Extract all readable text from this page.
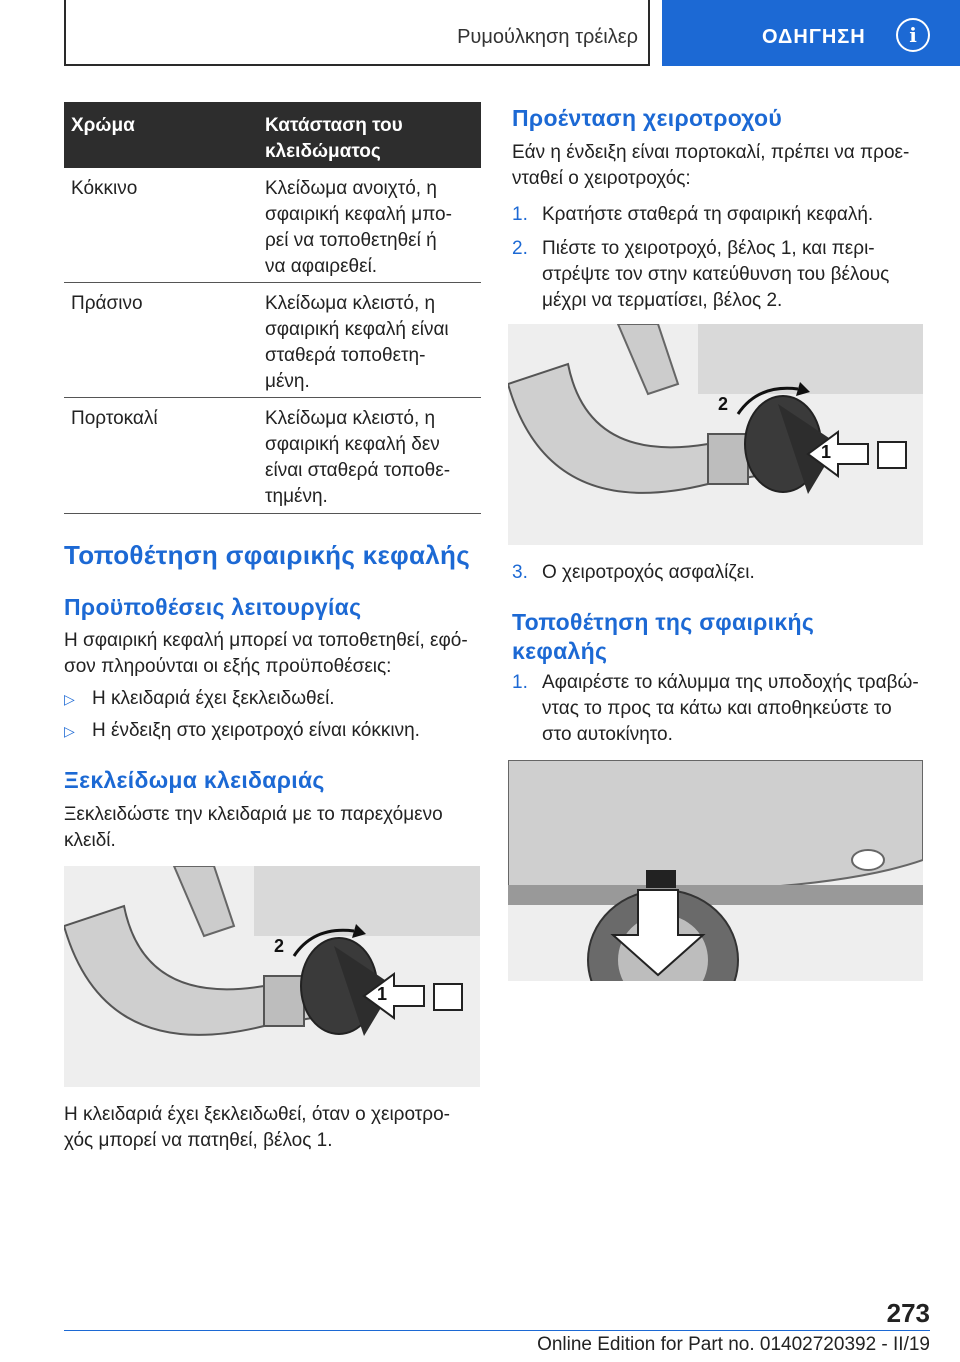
Ρυμούλκηση τρέιλερ	ΟΔΗΓΗΣΗ	i
Χρώμα	Κατάσταση του
κλειδώματος
Κόκκινο	Κλείδωμα ανοιχτό, η
σφαιρική κεφαλή μπο‐
ρεί να τοποθετηθεί ή
να αφαιρεθεί.
Πράσινο	Κλείδωμα κλειστό, η
σφαιρική κεφαλή είναι
σταθερά τοποθετη‐
μένη.
Πορτοκαλί	Κλείδωμα κλειστό, η
σφαιρική κεφαλή δεν
είναι σταθερά τοποθε‐
τημένη.
Τοποθέτηση σφαιρικής κεφαλής
Προϋποθέσεις λειτουργίας
Η σφαιρική κεφαλή μπορεί να τοποθετηθεί, εφό‐
σον πληρούνται οι εξής προϋποθέσεις:
▷ Η κλειδαριά έχει ξεκλειδωθεί.
▷ Η ένδειξη στο χειροτροχό είναι κόκκινη.
Ξεκλείδωμα κλειδαριάς
Ξεκλειδώστε την κλειδαριά με το παρεχόμενο
κλειδί.
1
2
Η κλειδαριά έχει ξεκλειδωθεί, όταν ο χειροτρο‐
χός μπορεί να πατηθεί, βέλος 1.
Προένταση χειροτροχού
Εάν η ένδειξη είναι πορτοκαλί, πρέπει να προε‐
νταθεί ο χειροτροχός:
1. Κρατήστε σταθερά τη σφαιρική κεφαλή.
2. Πιέστε το χειροτροχό, βέλος 1, και περι‐
στρέψτε τον στην κατεύθυνση του βέλους
μέχρι να τερματίσει, βέλος 2.
1
2
3. Ο χειροτροχός ασφαλίζει.
Τοποθέτηση της σφαιρικής
κεφαλής
1. Αφαιρέστε το κάλυμμα της υποδοχής τραβώ‐
ντας το προς τα κάτω και αποθηκεύστε το
στο αυτοκίνητο.
273
Online Edition for Part no. 01402720392 - II/19
